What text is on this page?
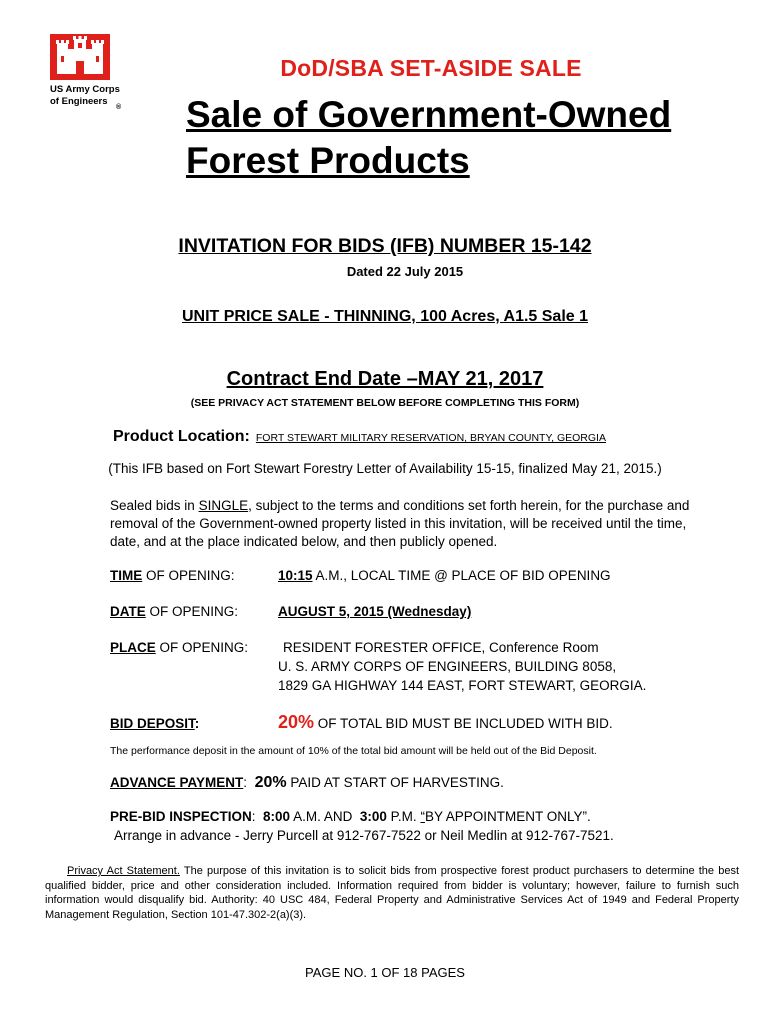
US Army Corps
of Engineers
®
DoD/SBA SET-ASIDE SALE
Sale of Government-Owned
Forest Products
INVITATION FOR BIDS (IFB) NUMBER 15-142
Dated 22 July 2015
UNIT PRICE SALE - THINNING, 100 Acres, A1.5 Sale 1
Contract End Date –MAY 21, 2017
(SEE PRIVACY ACT STATEMENT BELOW BEFORE COMPLETING THIS FORM)
Product Location: FORT STEWART MILITARY RESERVATION, BRYAN COUNTY, GEORGIA
(This IFB based on Fort Stewart Forestry Letter of Availability 15-15, finalized May 21, 2015.)
Sealed bids in SINGLE, subject to the terms and conditions set forth herein, for the purchase and removal of the Government-owned property listed in this invitation, will be received until the time, date, and at the place indicated below, and then publicly opened.
TIME OF OPENING:	10:15 A.M., LOCAL TIME @ PLACE OF BID OPENING
DATE OF OPENING:	AUGUST 5, 2015 (Wednesday)
PLACE OF OPENING:	RESIDENT FORESTER OFFICE, Conference Room
U. S. ARMY CORPS OF ENGINEERS, BUILDING 8058,
1829 GA HIGHWAY 144 EAST, FORT STEWART, GEORGIA.
BID DEPOSIT:	20% OF TOTAL BID MUST BE INCLUDED WITH BID.
The performance deposit in the amount of 10% of the total bid amount will be held out of the Bid Deposit.
ADVANCE PAYMENT: 20% PAID AT START OF HARVESTING.
PRE-BID INSPECTION: 8:00 A.M. AND 3:00 P.M. “BY APPOINTMENT ONLY”.
Arrange in advance - Jerry Purcell at 912-767-7522 or Neil Medlin at 912-767-7521.
Privacy Act Statement. The purpose of this invitation is to solicit bids from prospective forest product purchasers to determine the best qualified bidder, price and other consideration included. Information required from bidder is voluntary; however, failure to furnish such information would disqualify bid. Authority: 40 USC 484, Federal Property and Administrative Services Act of 1949 and Federal Property Management Regulation, Section 101-47.302-2(a)(3).
PAGE NO. 1 OF 18 PAGES
